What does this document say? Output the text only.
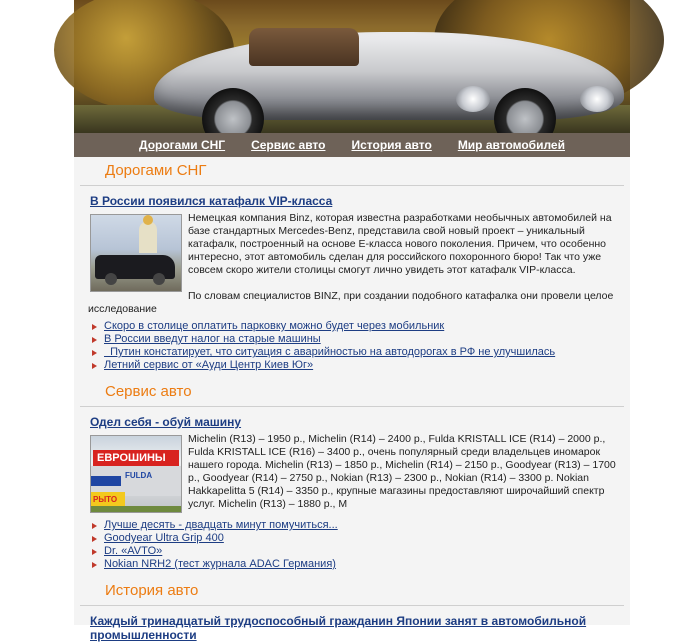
Дорогами СНГ Сервис авто История авто Мир автомобилей
Дорогами СНГ
В России появился катафалк VIP-класса
Немецкая компания Binz, которая известна разработками необычных автомобилей на базе стандартных Mercedes-Benz, представила свой новый проект – уникальный катафалк, построенный на основе E-класса нового поколения. Причем, что особенно интересно, этот автомобиль сделан для российского похоронного бюро! Так что уже совсем скоро жители столицы смогут лично увидеть этот катафалк VIP-класса.
По словам специалистов BINZ, при создании подобного катафалка они провели целое исследование
Скоро в столице оплатить парковку можно будет через мобильник
В России введут налог на старые машины
Путин констатирует, что ситуация с аварийностью на автодорогах в РФ не улучшилась
Летний сервис от «Ауди Центр Киев Юг»
Сервис авто
Одел себя - обуй машину
ЕВРОШИНЫ
FULDA
РЫТО
Michelin (R13) – 1950 р., Michelin (R14) – 2400 р., Fulda KRISTALL ICE (R14) – 2000 р., Fulda KRISTALL ICE (R16) – 3400 р., очень популярный среди владельцев иномарок нашего города. Michelin (R13) – 1850 р., Michelin (R14) – 2150 р., Goodyear (R13) – 1700 р., Goodyear (R14) – 2750 р., Nokian (R13) – 2300 р., Nokian (R14) – 3300 р. Nokian Hakkapelitta 5 (R14) – 3350 р., крупные магазины предоставляют широчайший спектр услуг. Michelin (R13) – 1880 р., М
Лучше десять - двадцать минут помучиться...
Goodyear Ultra Grip 400
Dr. «AVTO»
Nokian NRH2 (тест журнала ADAC Германия)
История авто
Каждый тринадцатый трудоспособный гражданин Японии занят в автомобильной промышленности
